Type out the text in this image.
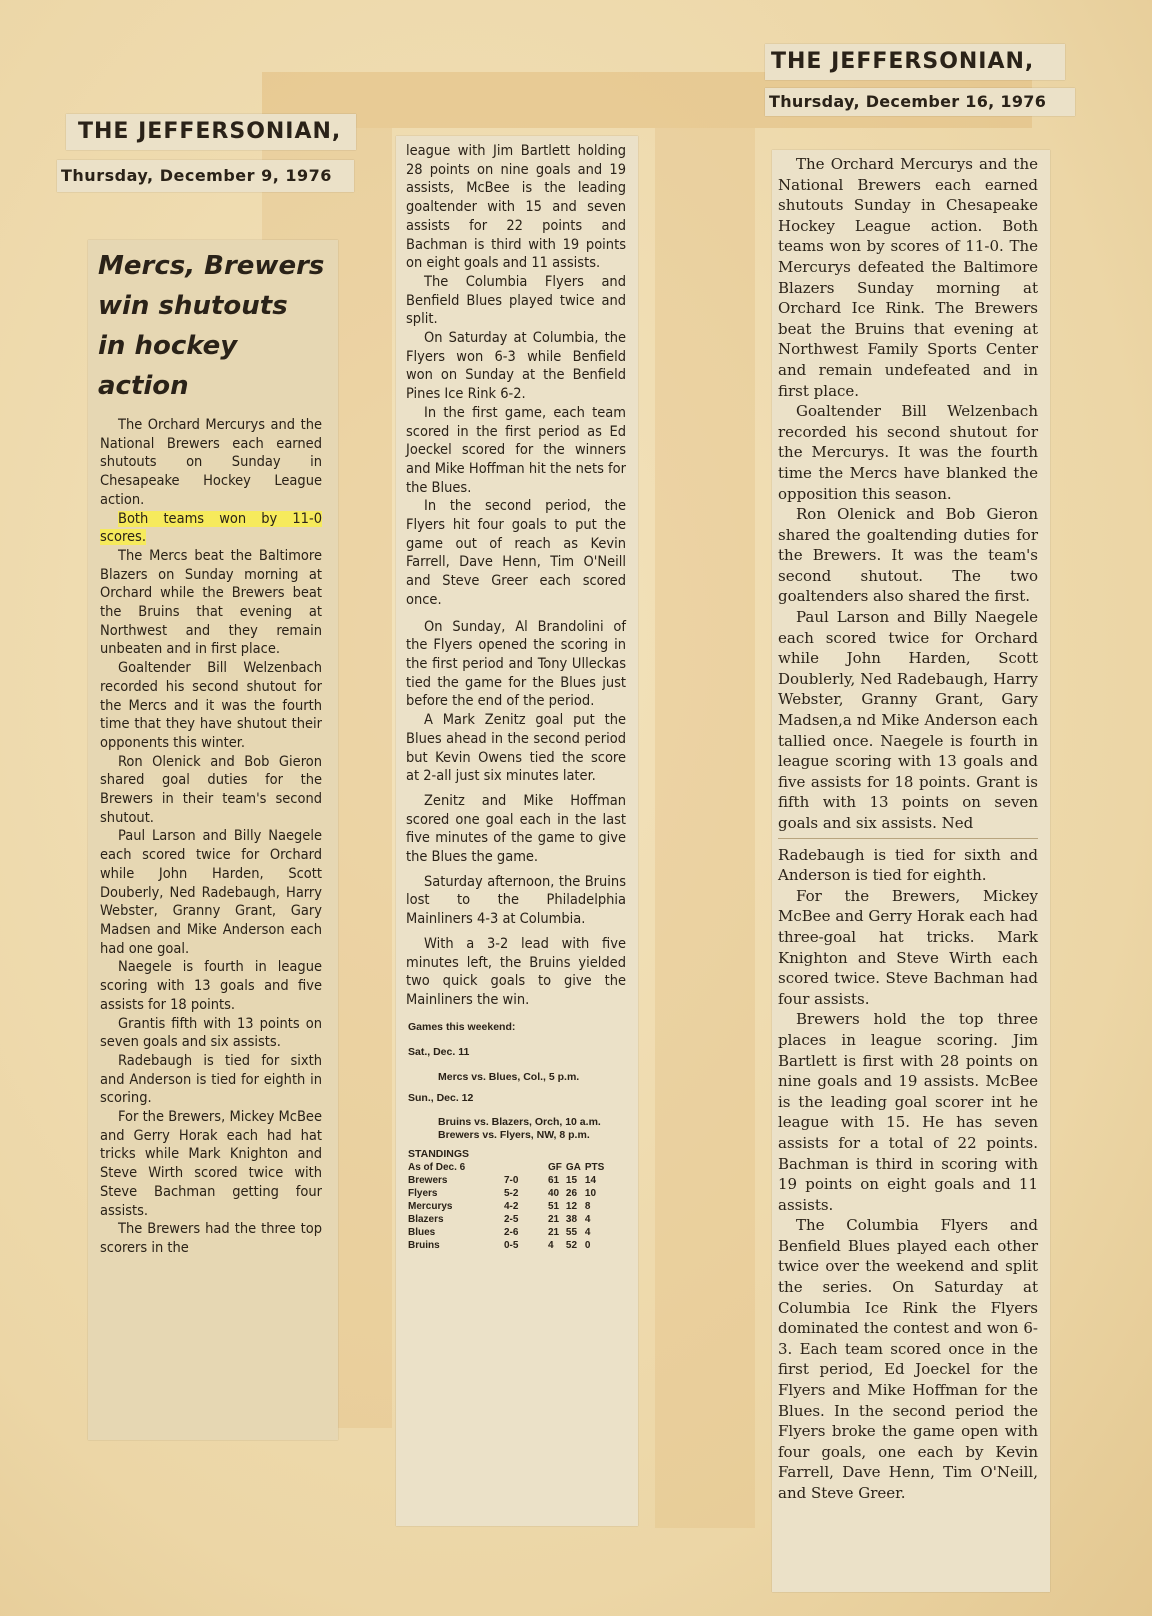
THE JEFFERSONIAN,
Thursday, December 9, 1976
Mercs, Brewers
win shutouts
in hockey action

The Orchard Mercurys and the National Brewers each earned shutouts on Sunday in Chesapeake Hockey League action.

Both teams won by 11-0 scores.

The Mercs beat the Baltimore Blazers on Sunday morning at Orchard while the Brewers beat the Bruins that evening at Northwest and they remain unbeaten and in first place.

Goaltender Bill Welzenbach recorded his second shutout for the Mercs and it was the fourth time that they have shutout their opponents this winter.

Ron Olenick and Bob Gieron shared goal duties for the Brewers in their team's second shutout.

Paul Larson and Billy Naegele each scored twice for Orchard while John Harden, Scott Douberly, Ned Radebaugh, Harry Webster, Granny Grant, Gary Madsen and Mike Anderson each had one goal.

Naegele is fourth in league scoring with 13 goals and five assists for 18 points.

Grantis fifth with 13 points on seven goals and six assists.

Radebaugh is tied for sixth and Anderson is tied for eighth in scoring.

For the Brewers, Mickey McBee and Gerry Horak each had hat tricks while Mark Knighton and Steve Wirth scored twice with Steve Bachman getting four assists.

The Brewers had the three top scorers in the

league with Jim Bartlett holding 28 points on nine goals and 19 assists, McBee is the leading goaltender with 15 and seven assists for 22 points and Bachman is third with 19 points on eight goals and 11 assists.

The Columbia Flyers and Benfield Blues played twice and split.

On Saturday at Columbia, the Flyers won 6-3 while Benfield won on Sunday at the Benfield Pines Ice Rink 6-2.

In the first game, each team scored in the first period as Ed Joeckel scored for the winners and Mike Hoffman hit the nets for the Blues.

In the second period, the Flyers hit four goals to put the game out of reach as Kevin Farrell, Dave Henn, Tim O'Neill and Steve Greer each scored once.

On Sunday, Al Brandolini of the Flyers opened the scoring in the first period and Tony Ulleckas tied the game for the Blues just before the end of the period.

A Mark Zenitz goal put the Blues ahead in the second period but Kevin Owens tied the score at 2-all just six minutes later.

Zenitz and Mike Hoffman scored one goal each in the last five minutes of the game to give the Blues the game.

Saturday afternoon, the Bruins lost to the Philadelphia Mainliners 4-3 at Columbia.

With a 3-2 lead with five minutes left, the Bruins yielded two quick goals to give the Mainliners the win.

Games this weekend:
Sat., Dec. 11
Mercs vs. Blues, Col., 5 p.m.
Sun., Dec. 12
Bruins vs. Blazers, Orch, 10 a.m.
Brewers vs. Flyers, NW, 8 p.m.
STANDINGS
As of Dec. 6		GF	GA	PTS
Brewers	7-0	61	15	14
Flyers	5-2	40	26	10
Mercurys	4-2	51	12	8
Blazers	2-5	21	38	4
Blues	2-6	21	55	4
Bruins	0-5	4	52	0
THE JEFFERSONIAN,
Thursday, December 16, 1976

The Orchard Mercurys and the National Brewers each earned shutouts Sunday in Chesapeake Hockey League action. Both teams won by scores of 11-0. The Mercurys defeated the Baltimore Blazers Sunday morning at Orchard Ice Rink. The Brewers beat the Bruins that evening at Northwest Family Sports Center and remain undefeated and in first place.

Goaltender Bill Welzenbach recorded his second shutout for the Mercurys. It was the fourth time the Mercs have blanked the opposition this season.

Ron Olenick and Bob Gieron shared the goaltending duties for the Brewers. It was the team's second shutout. The two goaltenders also shared the first.

Paul Larson and Billy Naegele each scored twice for Orchard while John Harden, Scott Doublerly, Ned Radebaugh, Harry Webster, Granny Grant, Gary Madsen,a nd Mike Anderson each tallied once. Naegele is fourth in league scoring with 13 goals and five assists for 18 points. Grant is fifth with 13 points on seven goals and six assists. Ned

Radebaugh is tied for sixth and Anderson is tied for eighth.

For the Brewers, Mickey McBee and Gerry Horak each had three-goal hat tricks. Mark Knighton and Steve Wirth each scored twice. Steve Bachman had four assists.

Brewers hold the top three places in league scoring. Jim Bartlett is first with 28 points on nine goals and 19 assists. McBee is the leading goal scorer int he league with 15. He has seven assists for a total of 22 points. Bachman is third in scoring with 19 points on eight goals and 11 assists.

The Columbia Flyers and Benfield Blues played each other twice over the weekend and split the series. On Saturday at Columbia Ice Rink the Flyers dominated the contest and won 6-3. Each team scored once in the first period, Ed Joeckel for the Flyers and Mike Hoffman for the Blues. In the second period the Flyers broke the game open with four goals, one each by Kevin Farrell, Dave Henn, Tim O'Neill, and Steve Greer.
